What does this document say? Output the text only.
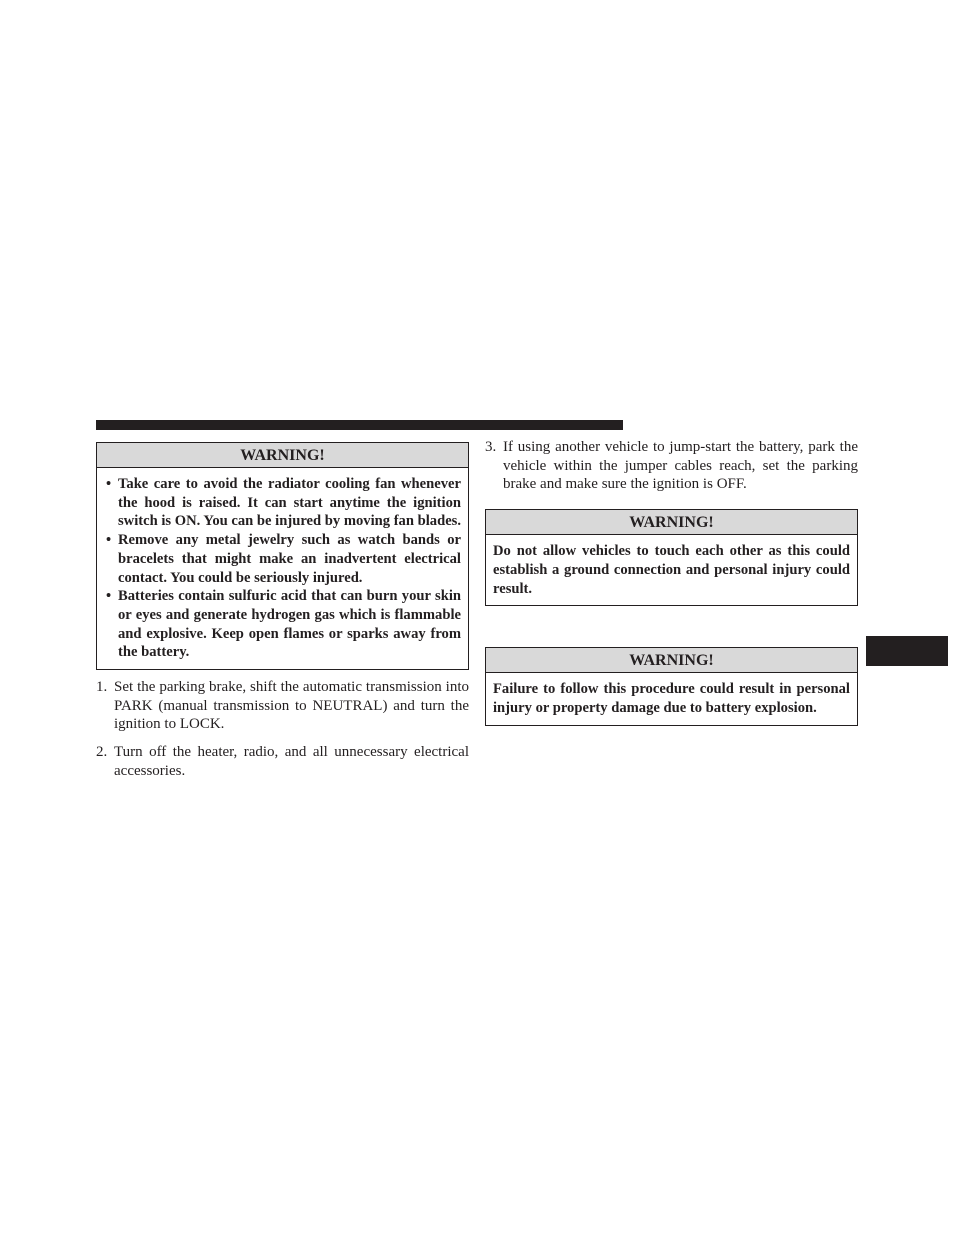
WARNING!
• Take care to avoid the radiator cooling fan whenever the hood is raised. It can start anytime the ignition switch is ON. You can be injured by moving fan blades.
• Remove any metal jewelry such as watch bands or bracelets that might make an inadvertent electrical contact. You could be seriously injured.
• Batteries contain sulfuric acid that can burn your skin or eyes and generate hydrogen gas which is flammable and explosive. Keep open flames or sparks away from the battery.
1. Set the parking brake, shift the automatic transmission into PARK (manual transmission to NEUTRAL) and turn the ignition to LOCK.
2. Turn off the heater, radio, and all unnecessary electrical accessories.
3. If using another vehicle to jump-start the battery, park the vehicle within the jumper cables reach, set the parking brake and make sure the ignition is OFF.
WARNING!
Do not allow vehicles to touch each other as this could establish a ground connection and personal injury could result.
WARNING!
Failure to follow this procedure could result in personal injury or property damage due to battery explosion.
